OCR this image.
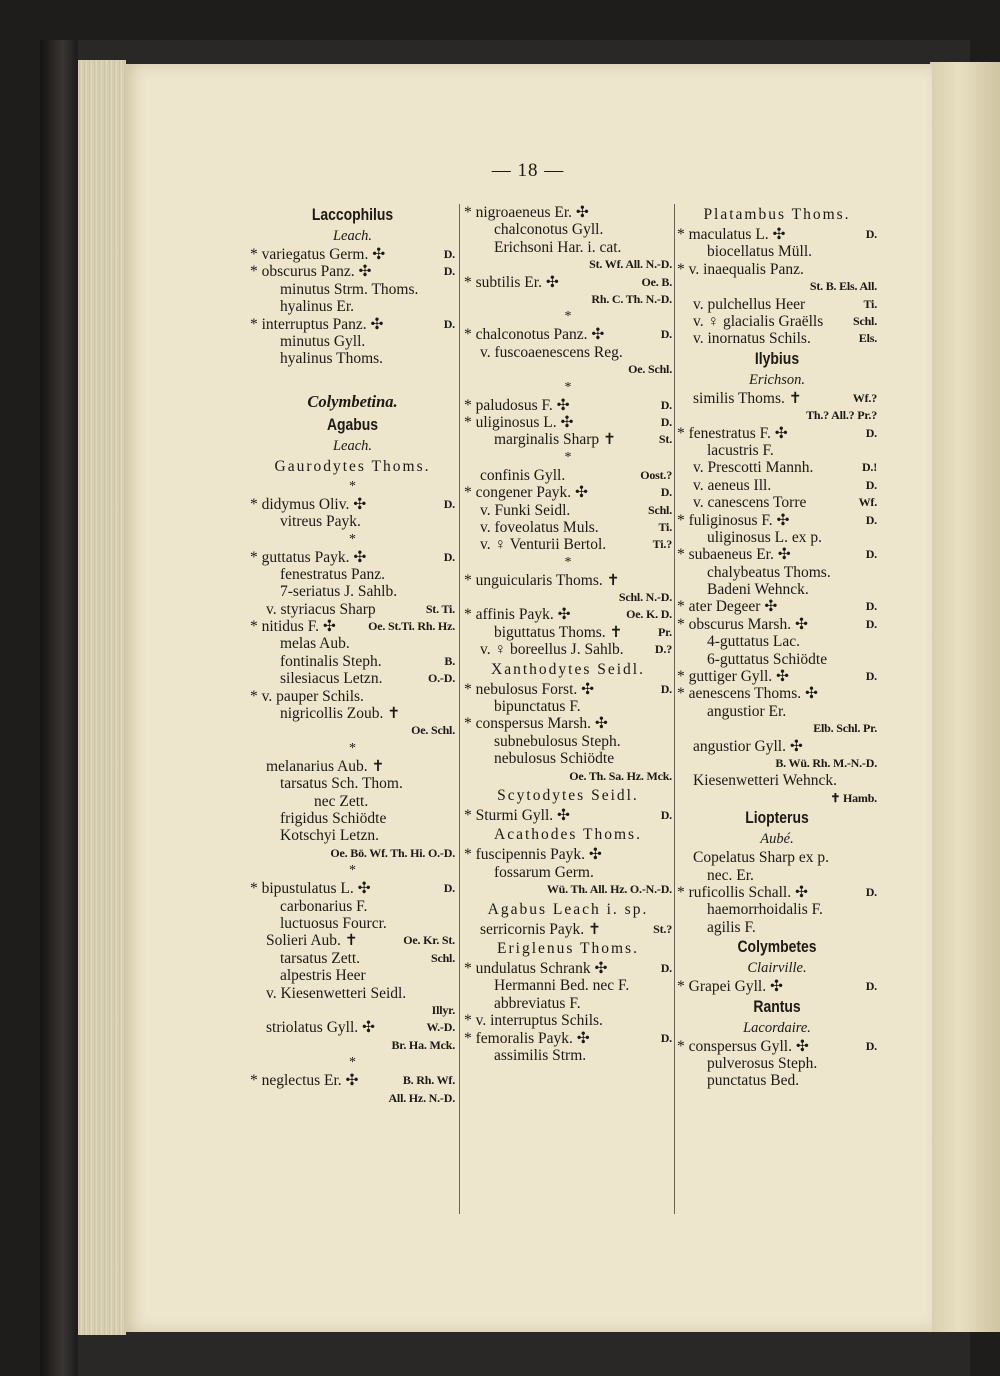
— 18 —
Laccophilus
Leach.
* variegatus Germ. ✣	D.
* obscurus Panz. ✣	D.
minutus Strm. Thoms.
hyalinus Er.
* interruptus Panz. ✣	D.
minutus Gyll.
hyalinus Thoms.
Colymbetina.
Agabus
Leach.
Gaurodytes Thoms.
*
* didymus Oliv. ✣	D.
vitreus Payk.
*
* guttatus Payk. ✣	D.
fenestratus Panz.
7-seriatus J. Sahlb.
v. styriacus Sharp	St. Ti.
* nitidus F. ✣	Oe. St.Ti. Rh. Hz.
melas Aub.
fontinalis Steph.	B.
silesiacus Letzn.	O.-D.
* v. pauper Schils.
nigricollis Zoub. ✝
Oe. Schl.
*
melanarius Aub. ✝
tarsatus Sch. Thom.
nec Zett.
frigidus Schiödte
Kotschyi Letzn.
Oe. Bö. Wf. Th. Hi. O.-D.
*
* bipustulatus L. ✣	D.
carbonarius F.
luctuosus Fourcr.
Solieri Aub. ✝	Oe. Kr. St.
tarsatus Zett.	Schl.
alpestris Heer
v. Kiesenwetteri Seidl.
Illyr.
striolatus Gyll. ✣	W.-D.
Br. Ha. Mck.
*
* neglectus Er. ✣	B. Rh. Wf.
All. Hz. N.-D.
* nigroaeneus Er. ✣
chalconotus Gyll.
Erichsoni Har. i. cat.
St. Wf. All. N.-D.
* subtilis Er. ✣	Oe. B.
Rh. C. Th. N.-D.
*
* chalconotus Panz. ✣	D.
v. fuscoaenescens Reg.
Oe. Schl.
*
* paludosus F. ✣	D.
* uliginosus L. ✣	D.
marginalis Sharp ✝	St.
*
confinis Gyll.	Oost.?
* congener Payk. ✣	D.
v. Funki Seidl.	Schl.
v. foveolatus Muls.	Ti.
v. ♀ Venturii Bertol.	Ti.?
*
* unguicularis Thoms. ✝
Schl. N.-D.
* affinis Payk. ✣	Oe. K. D.
biguttatus Thoms. ✝	Pr.
v. ♀ boreellus J. Sahlb.	D.?
Xanthodytes Seidl.
* nebulosus Forst. ✣	D.
bipunctatus F.
* conspersus Marsh. ✣
subnebulosus Steph.
nebulosus Schiödte
Oe. Th. Sa. Hz. Mck.
Scytodytes Seidl.
* Sturmi Gyll. ✣	D.
Acathodes Thoms.
* fuscipennis Payk. ✣
fossarum Germ.
Wü. Th. All. Hz. O.-N.-D.
Agabus Leach i. sp.
serricornis Payk. ✝	St.?
Eriglenus Thoms.
* undulatus Schrank ✣	D.
Hermanni Bed. nec F.
abbreviatus F.
* v. interruptus Schils.
* femoralis Payk. ✣	D.
assimilis Strm.
Platambus Thoms.
* maculatus L. ✣	D.
biocellatus Müll.
* v. inaequalis Panz.
St. B. Els. All.
v. pulchellus Heer	Ti.
v. ♀ glacialis Graëlls Schl.
v. inornatus Schils.	Els.
Ilybius
Erichson.
similis Thoms. ✝	Wf.?
Th.? All.? Pr.?
* fenestratus F. ✣	D.
lacustris F.
v. Prescotti Mannh.	D.!
v. aeneus Ill.	D.
v. canescens Torre	Wf.
* fuliginosus F. ✣	D.
uliginosus L. ex p.
* subaeneus Er. ✣	D.
chalybeatus Thoms.
Badeni Wehnck.
* ater Degeer ✣	D.
* obscurus Marsh. ✣	D.
4-guttatus Lac.
6-guttatus Schiödte
* guttiger Gyll. ✣	D.
* aenescens Thoms. ✣
angustior Er.
Elb. Schl. Pr.
angustior Gyll. ✣
B. Wü. Rh. M.-N.-D.
Kiesenwetteri Wehnck.
✝ Hamb.
Liopterus
Aubé.
Copelatus Sharp ex p.
nec. Er.
* ruficollis Schall. ✣	D.
haemorrhoidalis F.
agilis F.
Colymbetes
Clairville.
* Grapei Gyll. ✣	D.
Rantus
Lacordaire.
* conspersus Gyll. ✣	D.
pulverosus Steph.
punctatus Bed.
